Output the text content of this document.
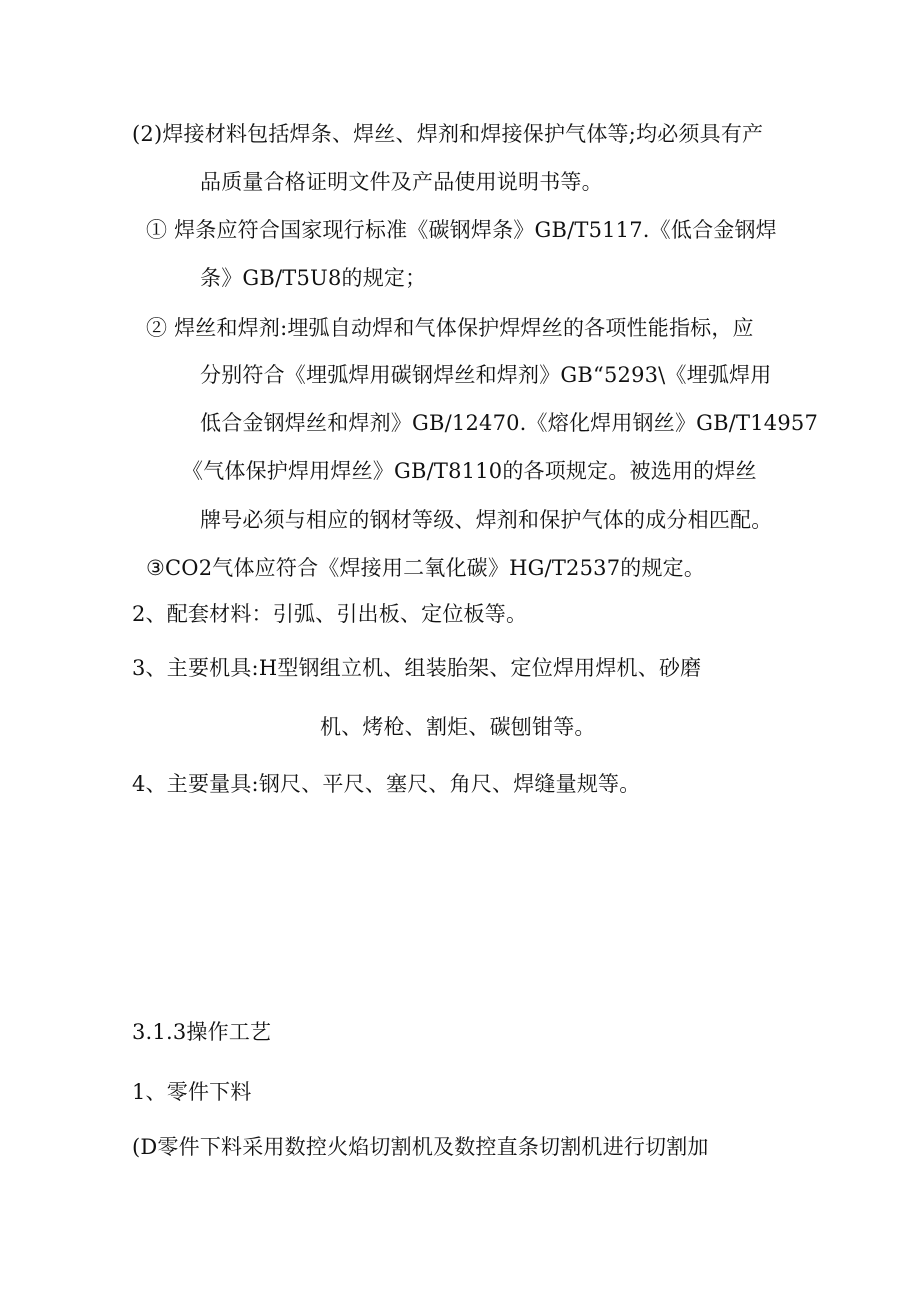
(2)焊接材料包括焊条、焊丝、焊剂和焊接保护气体等;均必须具有产
品质量合格证明文件及产品使用说明书等。
① 焊条应符合国家现行标准《碳钢焊条》GB/T5117.《低合金钢焊
条》GB/T5U8的规定；
② 焊丝和焊剂:埋弧自动焊和气体保护焊焊丝的各项性能指标，应
分别符合《埋弧焊用碳钢焊丝和焊剂》GB“5293\《埋弧焊用
低合金钢焊丝和焊剂》GB/12470.《熔化焊用钢丝》GB/T14957
《气体保护焊用焊丝》GB/T8110的各项规定。被选用的焊丝
牌号必须与相应的钢材等级、焊剂和保护气体的成分相匹配。
③CO2气体应符合《焊接用二氧化碳》HG/T2537的规定。
2、配套材料：引弧、引出板、定位板等。
3、主要机具:H型钢组立机、组装胎架、定位焊用焊机、砂磨
机、烤枪、割炬、碳刨钳等。
4、主要量具:钢尺、平尺、塞尺、角尺、焊缝量规等。
3.1.3操作工艺
1、零件下料
(D零件下料采用数控火焰切割机及数控直条切割机进行切割加
